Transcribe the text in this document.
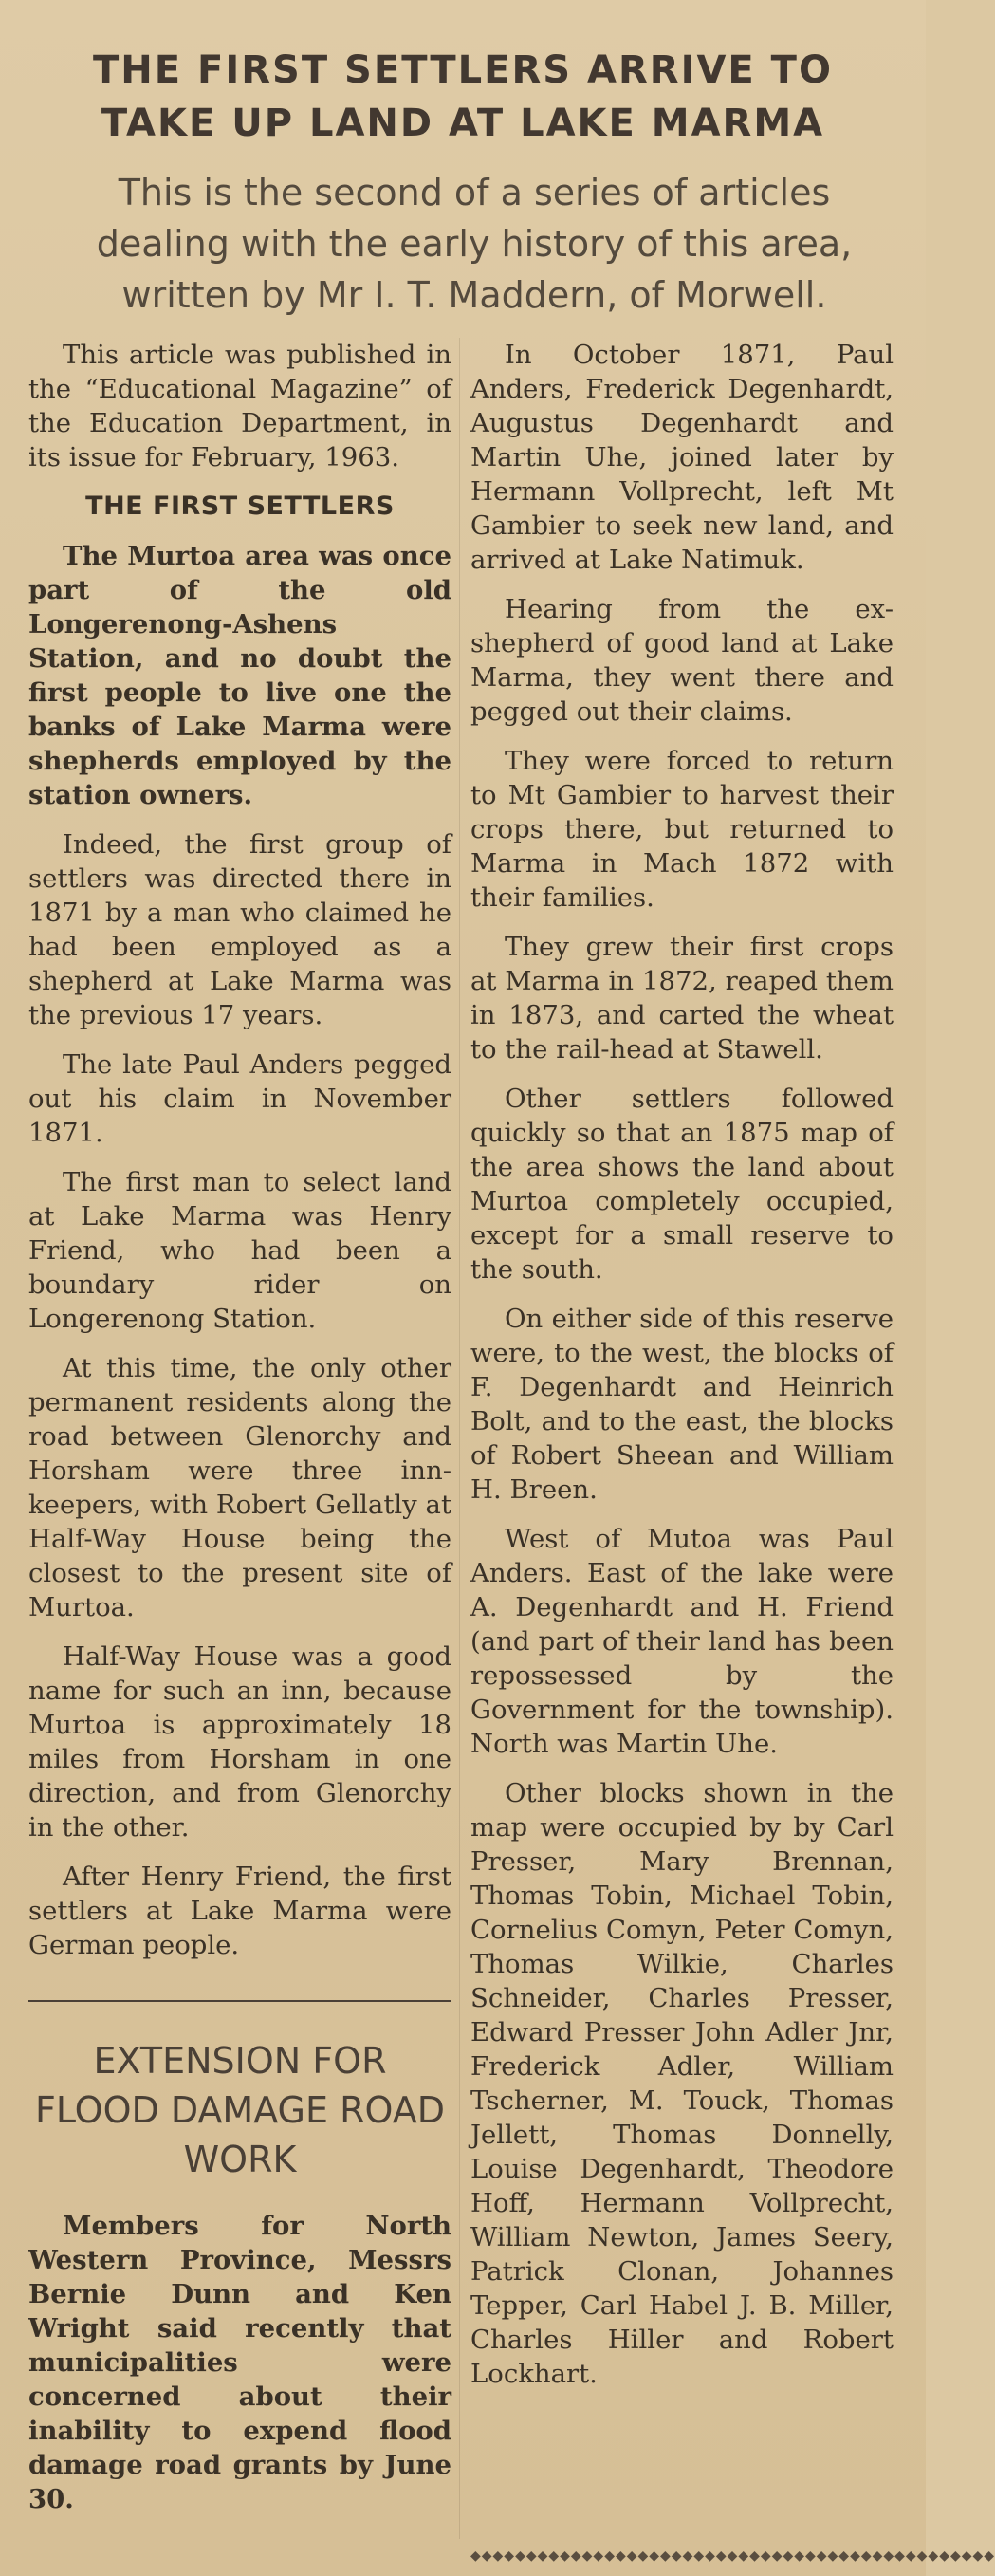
THE FIRST SETTLERS ARRIVE TO TAKE UP LAND AT LAKE MARMA
This is the second of a series of articles dealing with the early history of this area, written by Mr I. T. Maddern, of Morwell.

This article was published in the “Educational Magazine” of the Education Department, in its issue for February, 1963.

THE FIRST SETTLERS

The Murtoa area was once part of the old Longerenong-Ashens Station, and no doubt the first people to live one the banks of Lake Marma were shepherds employed by the station owners.

Indeed, the first group of settlers was directed there in 1871 by a man who claimed he had been employed as a shepherd at Lake Marma was the previous 17 years.

The late Paul Anders pegged out his claim in November 1871.

The first man to select land at Lake Marma was Henry Friend, who had been a boundary rider on Longerenong Station.

At this time, the only other permanent residents along the road between Glenorchy and Horsham were three inn-keepers, with Robert Gellatly at Half-Way House being the closest to the present site of Murtoa.

Half-Way House was a good name for such an inn, because Murtoa is approximately 18 miles from Horsham in one direction, and from Glenorchy in the other.

After Henry Friend, the first settlers at Lake Marma were German people.

EXTENSION FOR FLOOD DAMAGE ROAD WORK

Members for North Western Province, Messrs Bernie Dunn and Ken Wright said recently that municipalities were concerned about their inability to expend flood damage road grants by June 30.

In October 1871, Paul Anders, Frederick Degenhardt, Augustus Degenhardt and Martin Uhe, joined later by Hermann Vollprecht, left Mt Gambier to seek new land, and arrived at Lake Natimuk.

Hearing from the ex-shepherd of good land at Lake Marma, they went there and pegged out their claims.

They were forced to return to Mt Gambier to harvest their crops there, but returned to Marma in Mach 1872 with their families.

They grew their first crops at Marma in 1872, reaped them in 1873, and carted the wheat to the rail-head at Stawell.

Other settlers followed quickly so that an 1875 map of the area shows the land about Murtoa completely occupied, except for a small reserve to the south.

On either side of this reserve were, to the west, the blocks of F. Degenhardt and Heinrich Bolt, and to the east, the blocks of Robert Sheean and William H. Breen.

West of Mutoa was Paul Anders. East of the lake were A. Degenhardt and H. Friend (and part of their land has been repossessed by the Government for the township). North was Martin Uhe.

Other blocks shown in the map were occupied by by Carl Presser, Mary Brennan, Thomas Tobin, Michael Tobin, Cornelius Comyn, Peter Comyn, Thomas Wilkie, Charles Schneider, Charles Presser, Edward Presser John Adler Jnr, Frederick Adler, William Tscherner, M. Touck, Thomas Jellett, Thomas Donnelly, Louise Degenhardt, Theodore Hoff, Hermann Vollprecht, William Newton, James Seery, Patrick Clonan, Johannes Tepper, Carl Habel J. B. Miller, Charles Hiller and Robert Lockhart.

◆◆◆◆◆◆◆◆◆◆◆◆◆◆◆◆◆◆◆◆◆◆◆◆◆◆◆◆◆◆◆◆◆◆◆◆◆◆◆◆◆◆◆◆◆◆◆
